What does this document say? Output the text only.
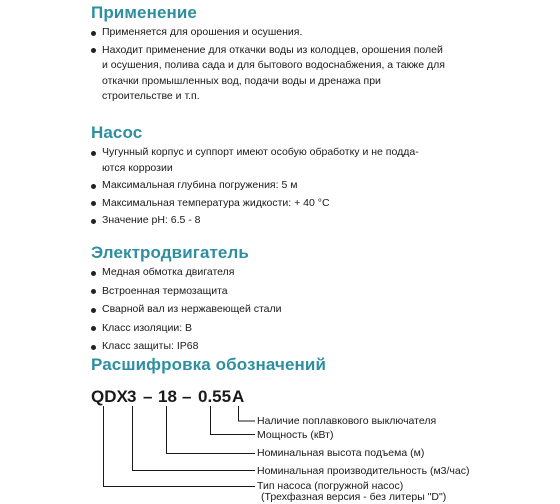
Применение
Применяется для орошения и осушения.
Находит применение для откачки воды из колодцев, орошения полей и осушения, полива сада и для бытового водоснабжения, а также для откачки промышленных вод, подачи воды и дренажа при строительстве и т.п.
Насос
Чугунный корпус и суппорт имеют особую обработку и не подда-ются коррозии
Максимальная глубина погружения: 5 м
Максимальная температура жидкости: + 40 °С
Значение рН: 6.5 - 8
Электродвигатель
Медная обмотка двигателя
Встроенная термозащита
Сварной вал из нержавеющей стали
Класс изоляции: B
Класс защиты: IP68
Расшифровка обозначений
QDX 3 – 18 – 0.55 A
Наличие поплавкового выключателя
Мощность (кВт)
Номинальная высота подъема (м)
Номинальная производительность (м3/час)
Тип насоса (погружной насос)
(Трехфазная версия - без литеры "D")
